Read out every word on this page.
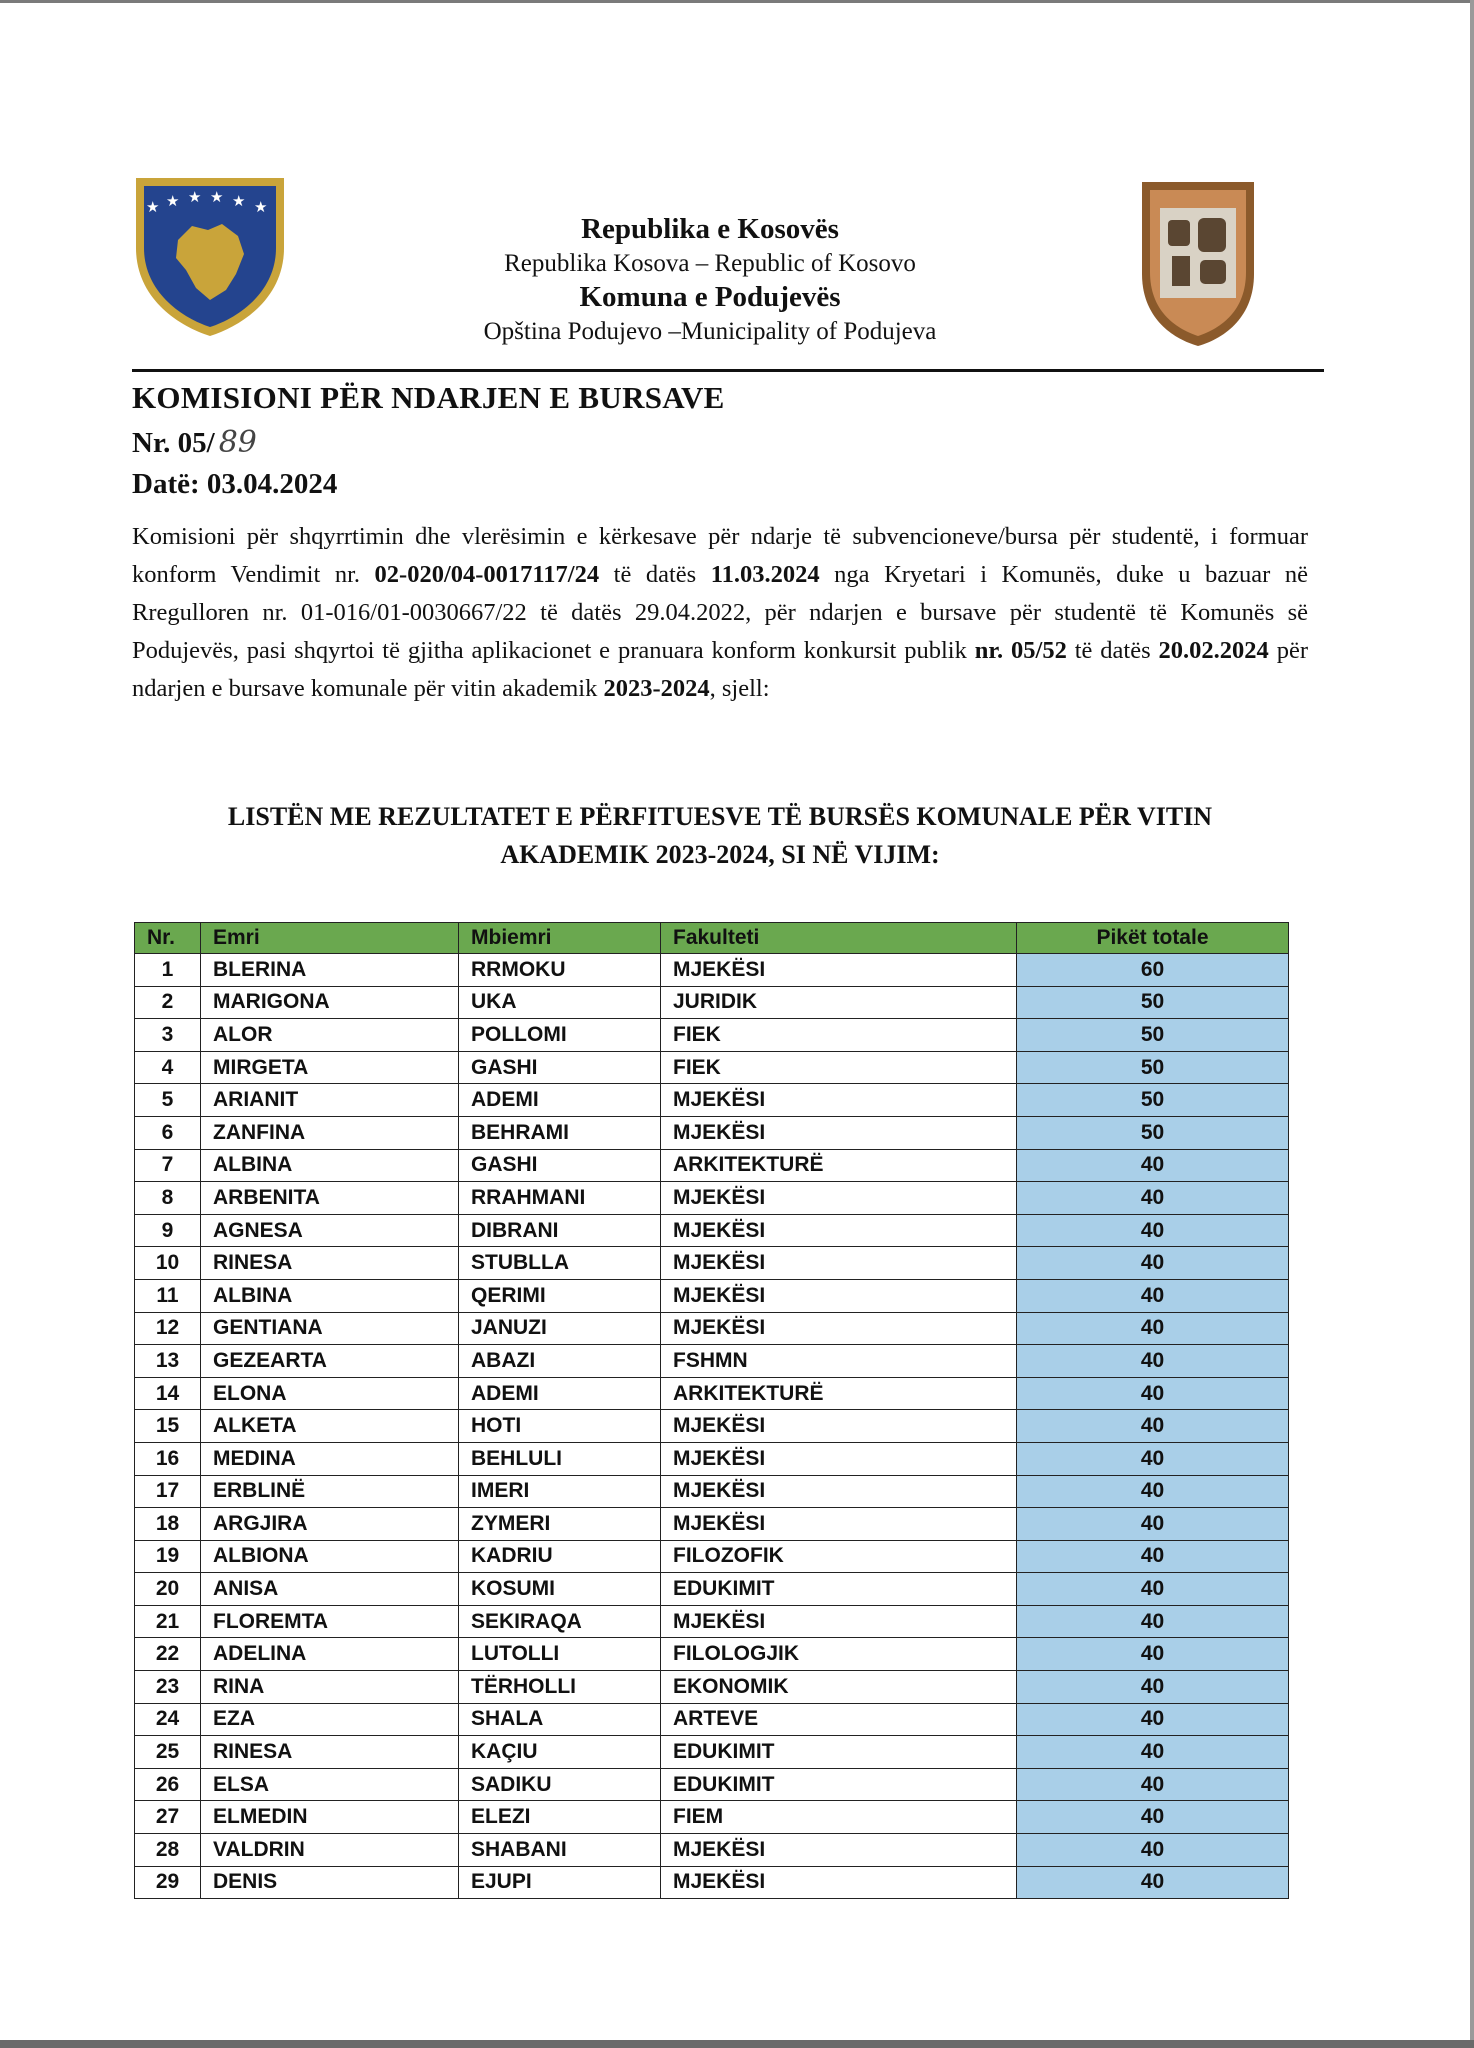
★ ★ ★ ★ ★ ★
Republika e Kosovës
Republika Kosova – Republic of Kosovo
Komuna e Podujevës
Opština Podujevo –Municipality of Podujeva
KOMISIONI PËR NDARJEN E BURSAVE
Nr. 05/ 89
Datë: 03.04.2024
Komisioni për shqyrrtimin dhe vlerësimin e kërkesave për ndarje të subvencioneve/bursa për studentë, i formuar konform Vendimit nr. 02-020/04-0017117/24 të datës 11.03.2024 nga Kryetari i Komunës, duke u bazuar në Rregulloren nr. 01-016/01-0030667/22 të datës 29.04.2022, për ndarjen e bursave për studentë të Komunës së Podujevës, pasi shqyrtoi të gjitha aplikacionet e pranuara konform konkursit publik nr. 05/52 të datës 20.02.2024 për ndarjen e bursave komunale për vitin akademik 2023-2024, sjell:
LISTËN ME REZULTATET E PËRFITUESVE TË BURSËS KOMUNALE PËR VITIN
AKADEMIK 2023-2024, SI NË VIJIM:
Nr.	Emri	Mbiemri	Fakulteti	Pikët totale
1	BLERINA	RRMOKU	MJEKËSI	60
2	MARIGONA	UKA	JURIDIK	50
3	ALOR	POLLOMI	FIEK	50
4	MIRGETA	GASHI	FIEK	50
5	ARIANIT	ADEMI	MJEKËSI	50
6	ZANFINA	BEHRAMI	MJEKËSI	50
7	ALBINA	GASHI	ARKITEKTURË	40
8	ARBENITA	RRAHMANI	MJEKËSI	40
9	AGNESA	DIBRANI	MJEKËSI	40
10	RINESA	STUBLLA	MJEKËSI	40
11	ALBINA	QERIMI	MJEKËSI	40
12	GENTIANA	JANUZI	MJEKËSI	40
13	GEZEARTA	ABAZI	FSHMN	40
14	ELONA	ADEMI	ARKITEKTURË	40
15	ALKETA	HOTI	MJEKËSI	40
16	MEDINA	BEHLULI	MJEKËSI	40
17	ERBLINË	IMERI	MJEKËSI	40
18	ARGJIRA	ZYMERI	MJEKËSI	40
19	ALBIONA	KADRIU	FILOZOFIK	40
20	ANISA	KOSUMI	EDUKIMIT	40
21	FLOREMTA	SEKIRAQA	MJEKËSI	40
22	ADELINA	LUTOLLI	FILOLOGJIK	40
23	RINA	TËRHOLLI	EKONOMIK	40
24	EZA	SHALA	ARTEVE	40
25	RINESA	KAÇIU	EDUKIMIT	40
26	ELSA	SADIKU	EDUKIMIT	40
27	ELMEDIN	ELEZI	FIEM	40
28	VALDRIN	SHABANI	MJEKËSI	40
29	DENIS	EJUPI	MJEKËSI	40
